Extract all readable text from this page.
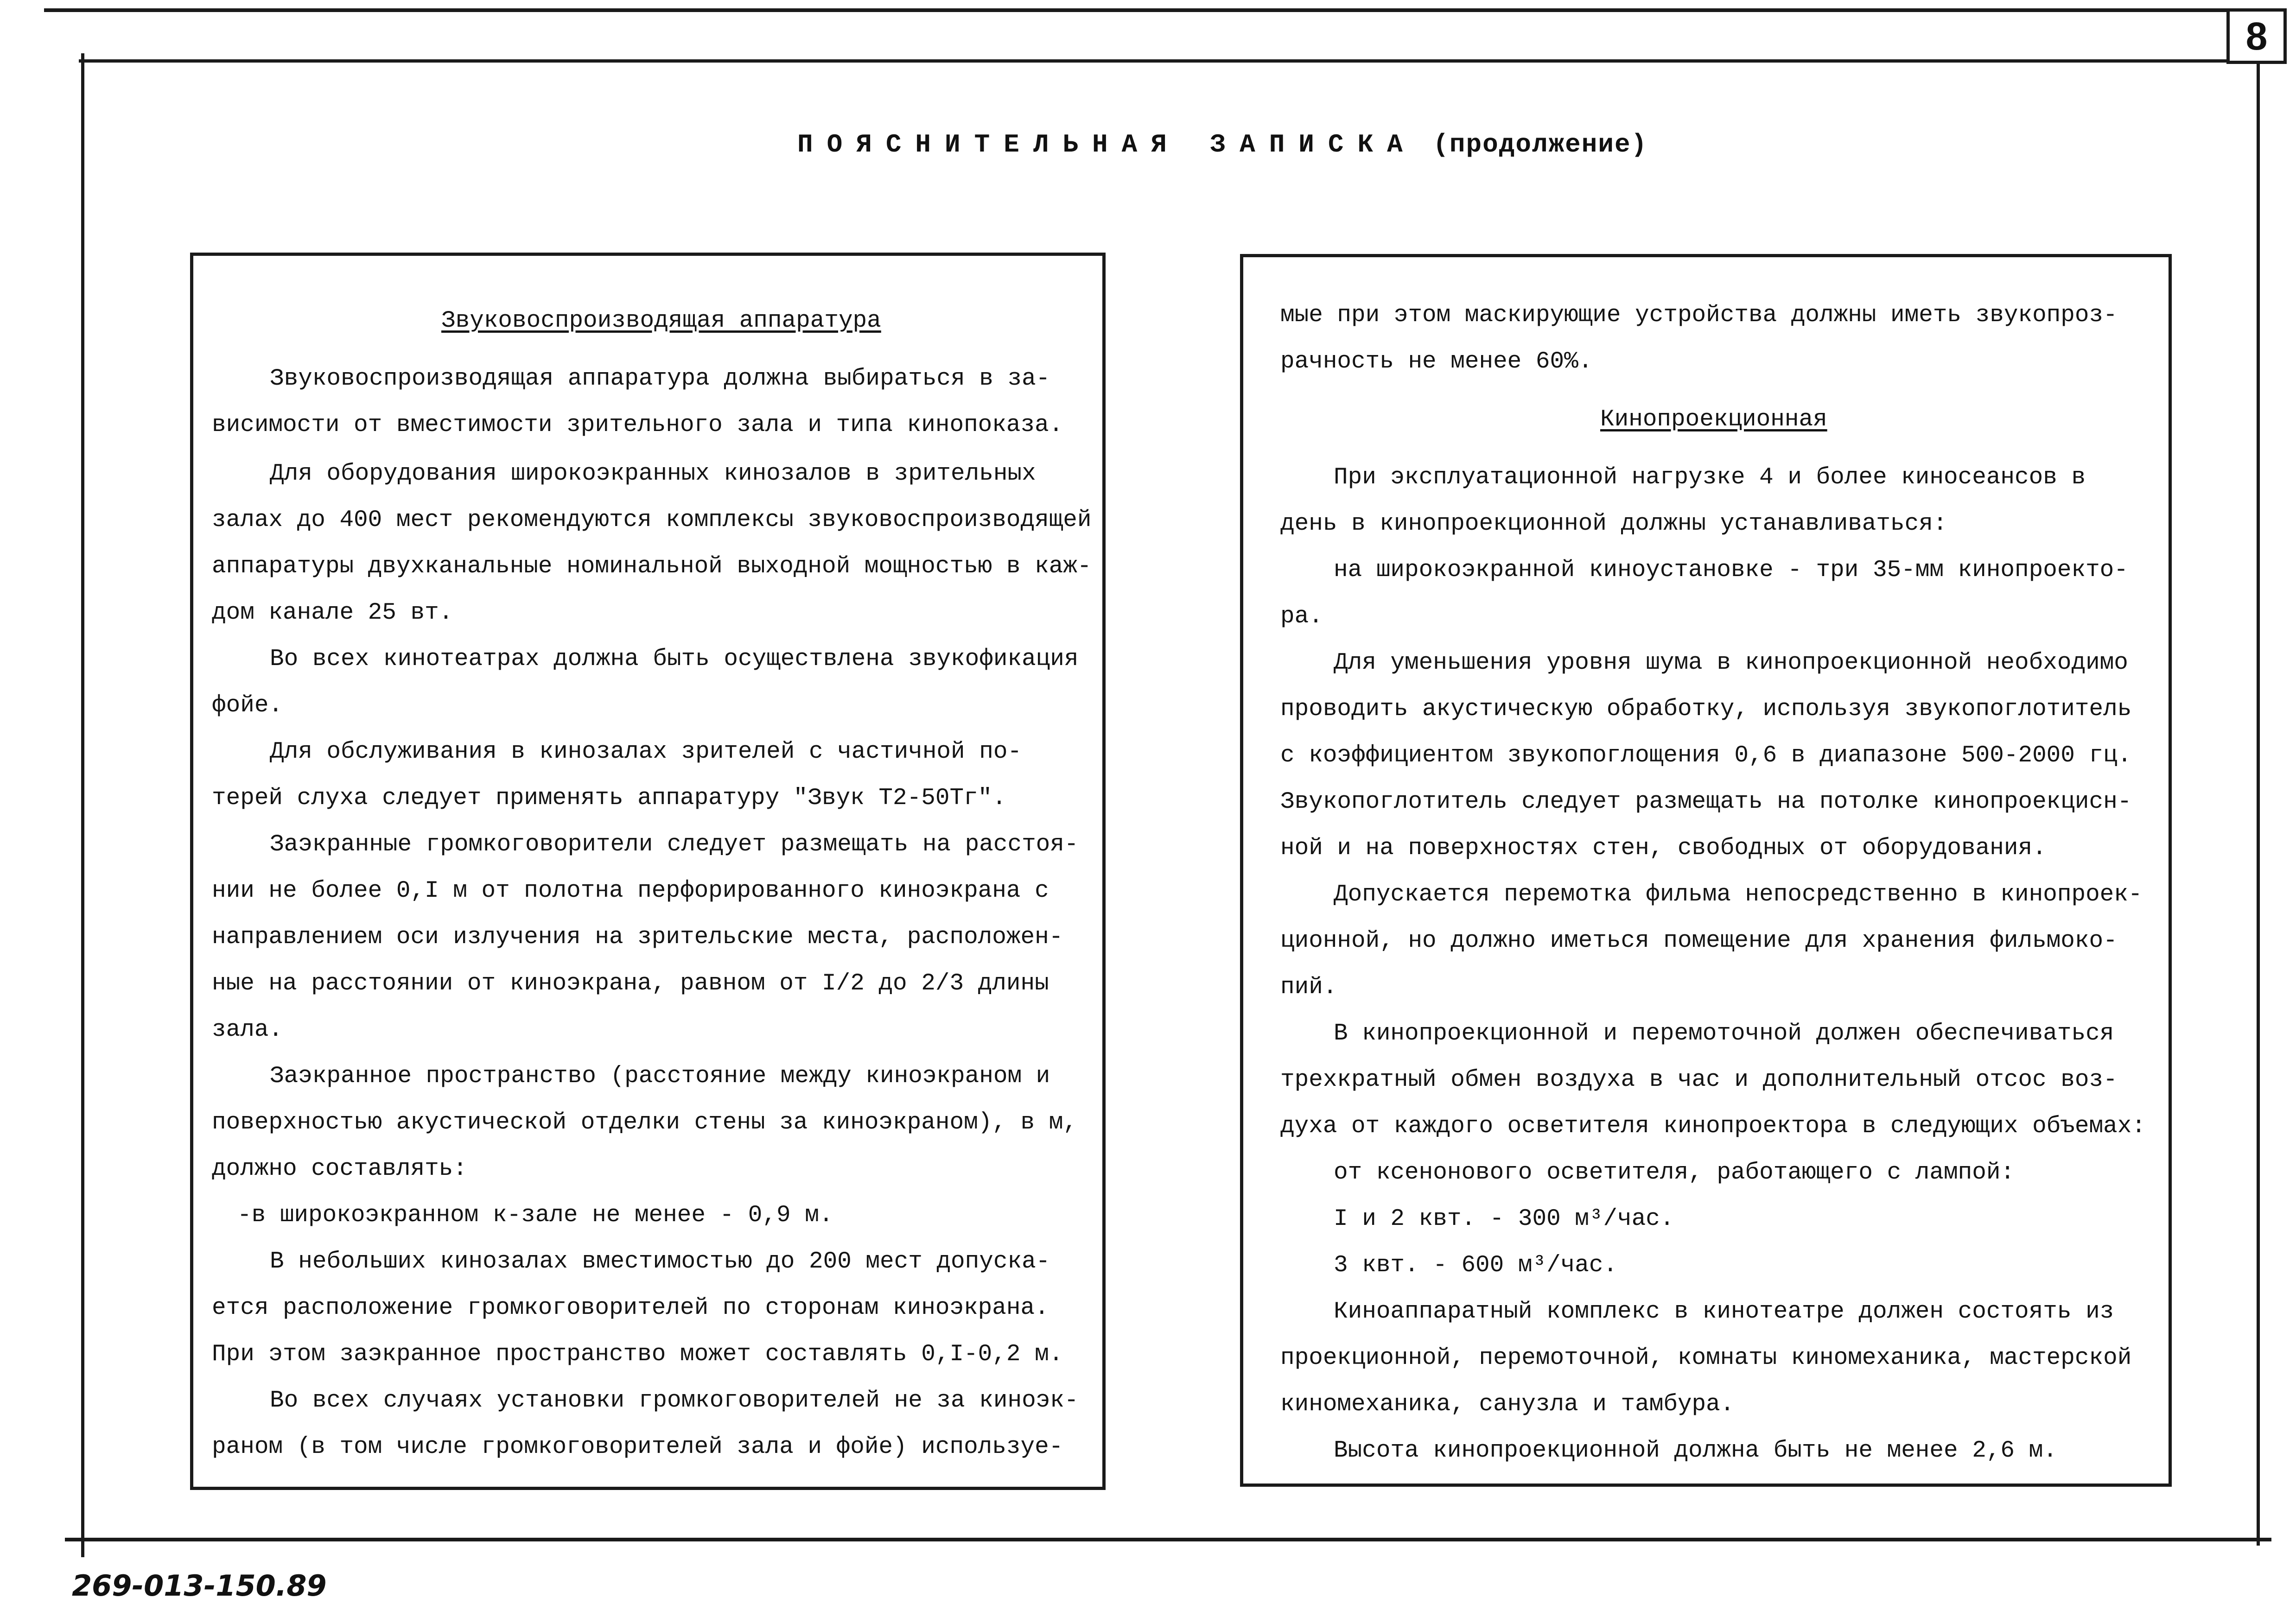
8
ПОЯСНИТЕЛЬНАЯ ЗАПИСКА (продолжение)
Звуковоспроизводящая аппаратура
Звуковоспроизводящая аппаратура должна выбираться в за-
висимости от вместимости зрительного зала и типа кинопоказа.
Для оборудования широкоэкранных кинозалов в зрительных
залах до 400 мест рекомендуются комплексы звуковоспроизводящей
аппаратуры двухканальные номинальной выходной мощностью в каж-
дом канале 25 вт.
Во всех кинотеатрах должна быть осуществлена звукофикация
фойе.
Для обслуживания в кинозалах зрителей с частичной по-
терей слуха следует применять аппаратуру "Звук Т2-50Тг".
Заэкранные громкоговорители следует размещать на расстоя-
нии не более 0,I м от полотна перфорированного киноэкрана с
направлением оси излучения на зрительские места, расположен-
ные на расстоянии от киноэкрана, равном от I/2 до 2/3 длины
зала.
Заэкранное пространство (расстояние между киноэкраном и
поверхностью акустической отделки стены за киноэкраном), в м,
должно составлять:
-в широкоэкранном к-зале не менее - 0,9 м.
В небольших кинозалах вместимостью до 200 мест допуска-
ется расположение громкоговорителей по сторонам киноэкрана.
При этом заэкранное пространство может составлять 0,I-0,2 м.
Во всех случаях установки громкоговорителей не за киноэк-
раном (в том числе громкоговорителей зала и фойе) используе-
мые при этом маскирующие устройства должны иметь звукопроз-
рачность не менее 60%.
Кинопроекционная
При эксплуатационной нагрузке 4 и более киносеансов в
день в кинопроекционной должны устанавливаться:
на широкоэкранной киноустановке - три 35-мм кинопроекто-
ра.
Для уменьшения уровня шума в кинопроекционной необходимо
проводить акустическую обработку, используя звукопоглотитель
с коэффициентом звукопоглощения 0,6 в диапазоне 500-2000 гц.
Звукопоглотитель следует размещать на потолке кинопроекцисн-
ной и на поверхностях стен, свободных от оборудования.
Допускается перемотка фильма непосредственно в кинопроек-
ционной, но должно иметься помещение для хранения фильмоко-
пий.
В кинопроекционной и перемоточной должен обеспечиваться
трехкратный обмен воздуха в час и дополнительный отсос воз-
духа от каждого осветителя кинопроектора в следующих объемах:
от ксенонового осветителя, работающего с лампой:
I и 2 квт. - 300 м³/час.
3 квт. - 600 м³/час.
Киноаппаратный комплекс в кинотеатре должен состоять из
проекционной, перемоточной, комнаты киномеханика, мастерской
киномеханика, санузла и тамбура.
Высота кинопроекционной должна быть не менее 2,6 м.
269-013-150.89
